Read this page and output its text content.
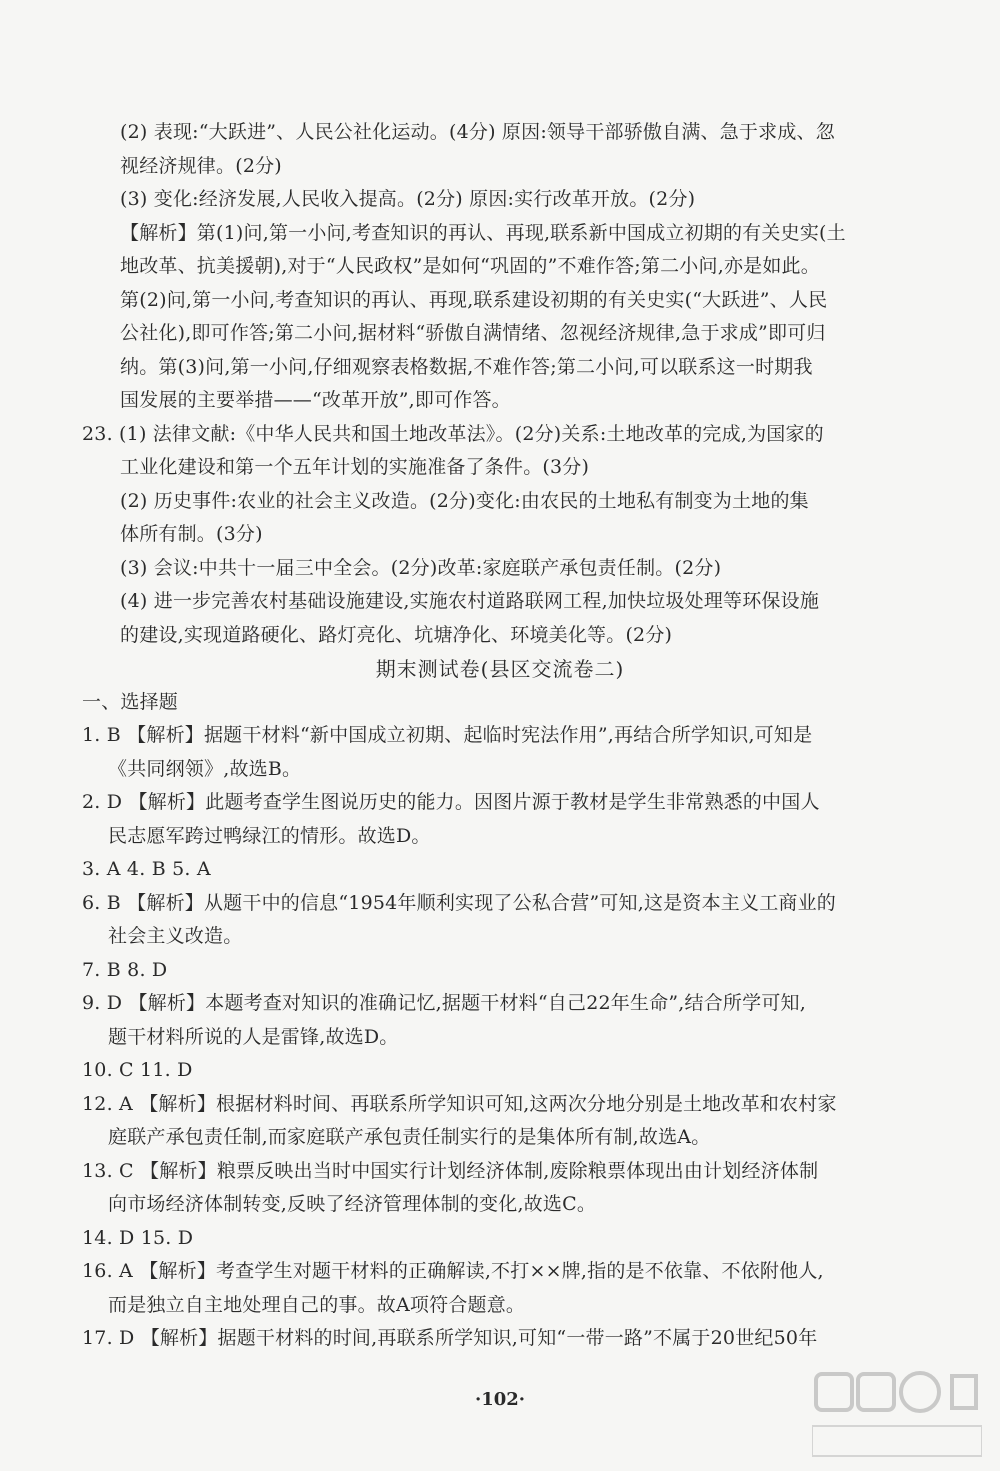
(2) 表现:“大跃进”、人民公社化运动。(4分) 原因:领导干部骄傲自满、急于求成、忽
视经济规律。(2分)
(3) 变化:经济发展,人民收入提高。(2分) 原因:实行改革开放。(2分)
【解析】第(1)问,第一小问,考查知识的再认、再现,联系新中国成立初期的有关史实(土
地改革、抗美援朝),对于“人民政权”是如何“巩固的”不难作答;第二小问,亦是如此。
第(2)问,第一小问,考查知识的再认、再现,联系建设初期的有关史实(“大跃进”、人民
公社化),即可作答;第二小问,据材料“骄傲自满情绪、忽视经济规律,急于求成”即可归
纳。第(3)问,第一小问,仔细观察表格数据,不难作答;第二小问,可以联系这一时期我
国发展的主要举措——“改革开放”,即可作答。
23. (1) 法律文献:《中华人民共和国土地改革法》。(2分)关系:土地改革的完成,为国家的
工业化建设和第一个五年计划的实施准备了条件。(3分)
(2) 历史事件:农业的社会主义改造。(2分)变化:由农民的土地私有制变为土地的集
体所有制。(3分)
(3) 会议:中共十一届三中全会。(2分)改革:家庭联产承包责任制。(2分)
(4) 进一步完善农村基础设施建设,实施农村道路联网工程,加快垃圾处理等环保设施
的建设,实现道路硬化、路灯亮化、坑塘净化、环境美化等。(2分)
期末测试卷(县区交流卷二)
一、选择题
1. B 【解析】据题干材料“新中国成立初期、起临时宪法作用”,再结合所学知识,可知是
《共同纲领》,故选B。
2. D 【解析】此题考查学生图说历史的能力。因图片源于教材是学生非常熟悉的中国人
民志愿军跨过鸭绿江的情形。故选D。
3. A 4. B 5. A
6. B 【解析】从题干中的信息“1954年顺利实现了公私合营”可知,这是资本主义工商业的
社会主义改造。
7. B 8. D
9. D 【解析】本题考查对知识的准确记忆,据题干材料“自己22年生命”,结合所学可知,
题干材料所说的人是雷锋,故选D。
10. C 11. D
12. A 【解析】根据材料时间、再联系所学知识可知,这两次分地分别是土地改革和农村家
庭联产承包责任制,而家庭联产承包责任制实行的是集体所有制,故选A。
13. C 【解析】粮票反映出当时中国实行计划经济体制,废除粮票体现出由计划经济体制
向市场经济体制转变,反映了经济管理体制的变化,故选C。
14. D 15. D
16. A 【解析】考查学生对题干材料的正确解读,不打××牌,指的是不依靠、不依附他人,
而是独立自主地处理自己的事。故A项符合题意。
17. D 【解析】据题干材料的时间,再联系所学知识,可知“一带一路”不属于20世纪50年
·102·
